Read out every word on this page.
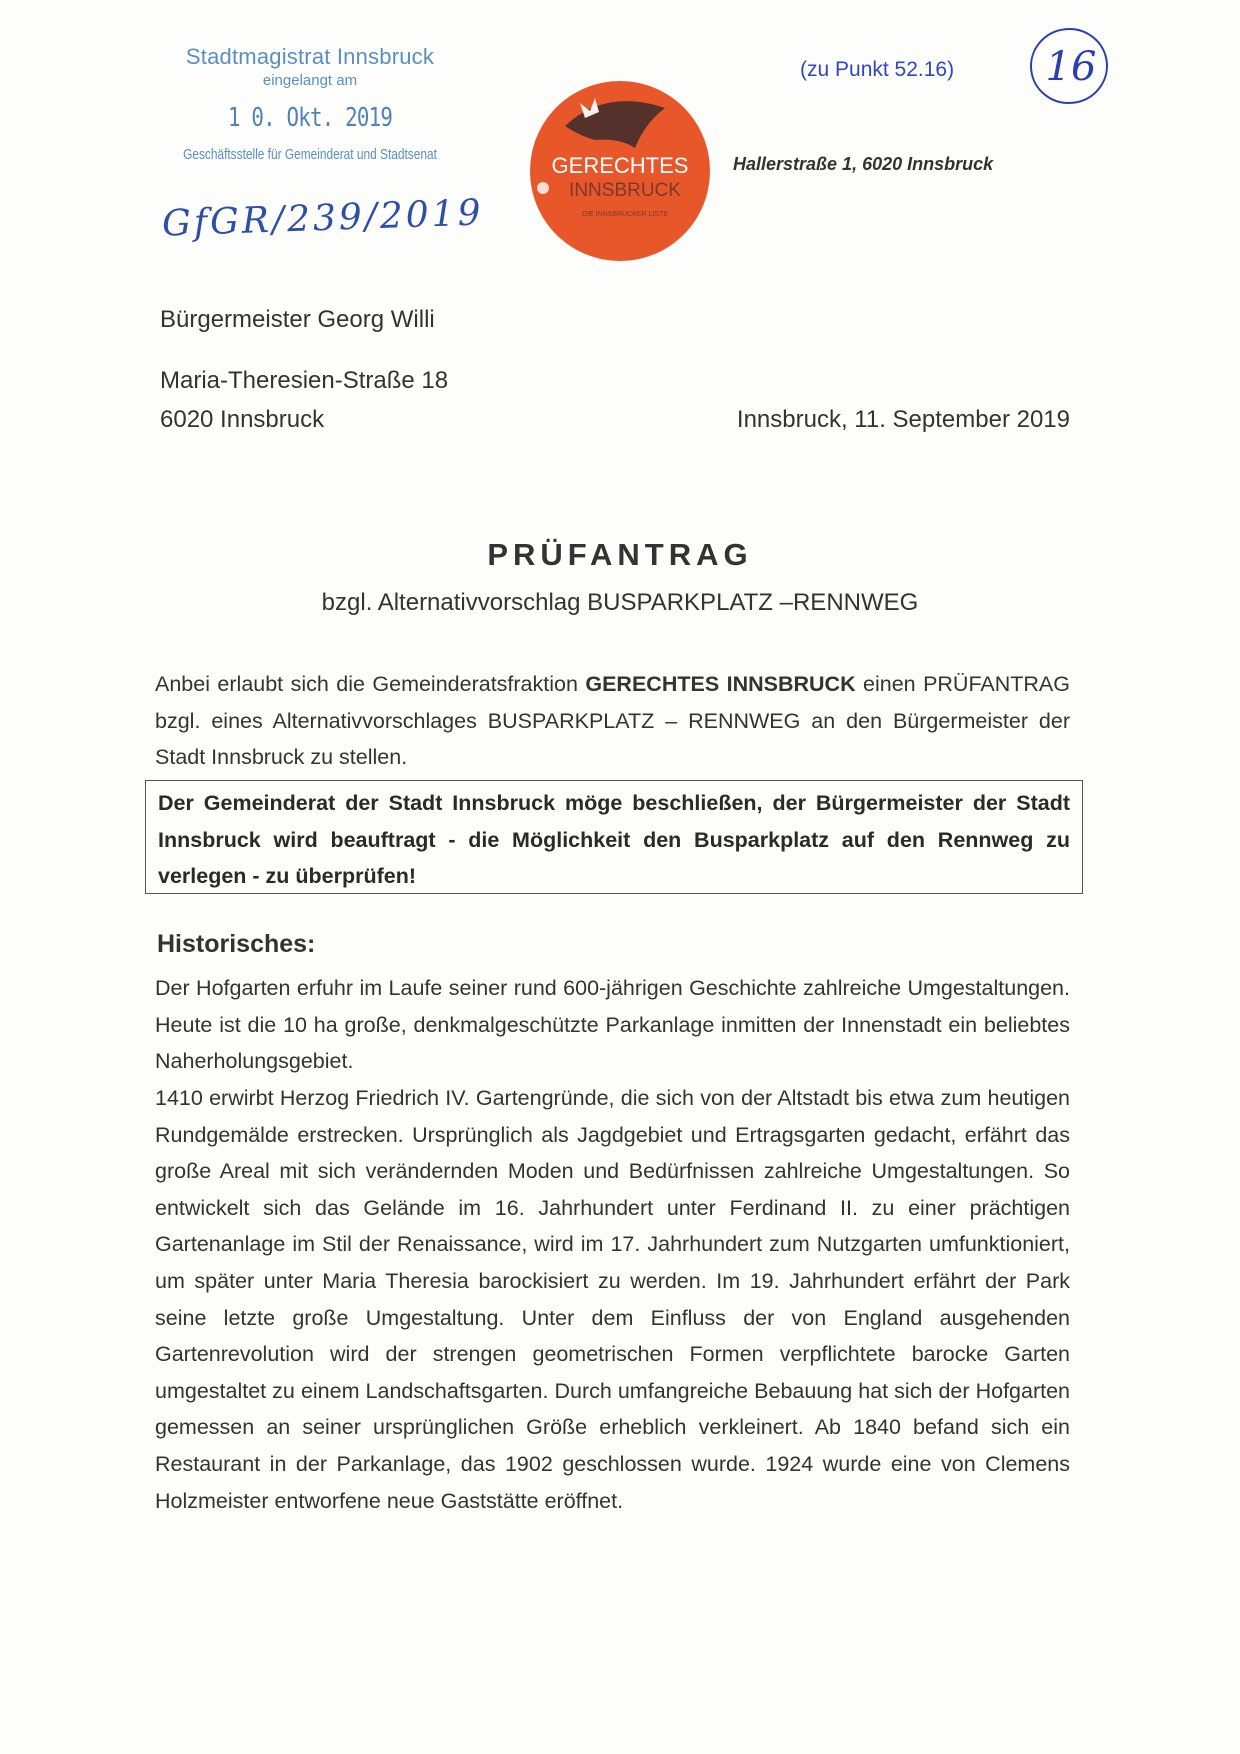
Stadtmagistrat Innsbruck
eingelangt am
1 0. Okt. 2019
Geschäftsstelle für Gemeinderat und Stadtsenat
GfGR/239/2019
GERECHTES
INNSBRUCK
DIE INNSBRUCKER LISTE
(zu Punkt 52.16) 16
Hallerstraße 1, 6020 Innsbruck
Bürgermeister Georg Willi
Maria-Theresien-Straße 18
6020 Innsbruck	Innsbruck, 11. September 2019
PRÜFANTRAG
bzgl. Alternativvorschlag BUSPARKPLATZ –RENNWEG
Anbei erlaubt sich die Gemeinderatsfraktion GERECHTES INNSBRUCK einen PRÜFANTRAG bzgl. eines Alternativvorschlages BUSPARKPLATZ – RENNWEG an den Bürgermeister der Stadt Innsbruck zu stellen.
Der Gemeinderat der Stadt Innsbruck möge beschließen, der Bürgermeister der Stadt Innsbruck wird beauftragt - die Möglichkeit den Busparkplatz auf den Rennweg zu verlegen - zu überprüfen!
Historisches:
Der Hofgarten erfuhr im Laufe seiner rund 600-jährigen Geschichte zahlreiche Umgestaltungen. Heute ist die 10 ha große, denkmalgeschützte Parkanlage inmitten der Innenstadt ein beliebtes Naherholungsgebiet.
1410 erwirbt Herzog Friedrich IV. Gartengründe, die sich von der Altstadt bis etwa zum heutigen Rundgemälde erstrecken. Ursprünglich als Jagdgebiet und Ertragsgarten gedacht, erfährt das große Areal mit sich verändernden Moden und Bedürfnissen zahlreiche Umgestaltungen. So entwickelt sich das Gelände im 16. Jahrhundert unter Ferdinand II. zu einer prächtigen Gartenanlage im Stil der Renaissance, wird im 17. Jahrhundert zum Nutzgarten umfunktioniert, um später unter Maria Theresia barockisiert zu werden. Im 19. Jahrhundert erfährt der Park seine letzte große Umgestaltung. Unter dem Einfluss der von England ausgehenden Gartenrevolution wird der strengen geometrischen Formen verpflichtete barocke Garten umgestaltet zu einem Landschaftsgarten. Durch umfangreiche Bebauung hat sich der Hofgarten gemessen an seiner ursprünglichen Größe erheblich verkleinert. Ab 1840 befand sich ein Restaurant in der Parkanlage, das 1902 geschlossen wurde. 1924 wurde eine von Clemens Holzmeister entworfene neue Gaststätte eröffnet.
